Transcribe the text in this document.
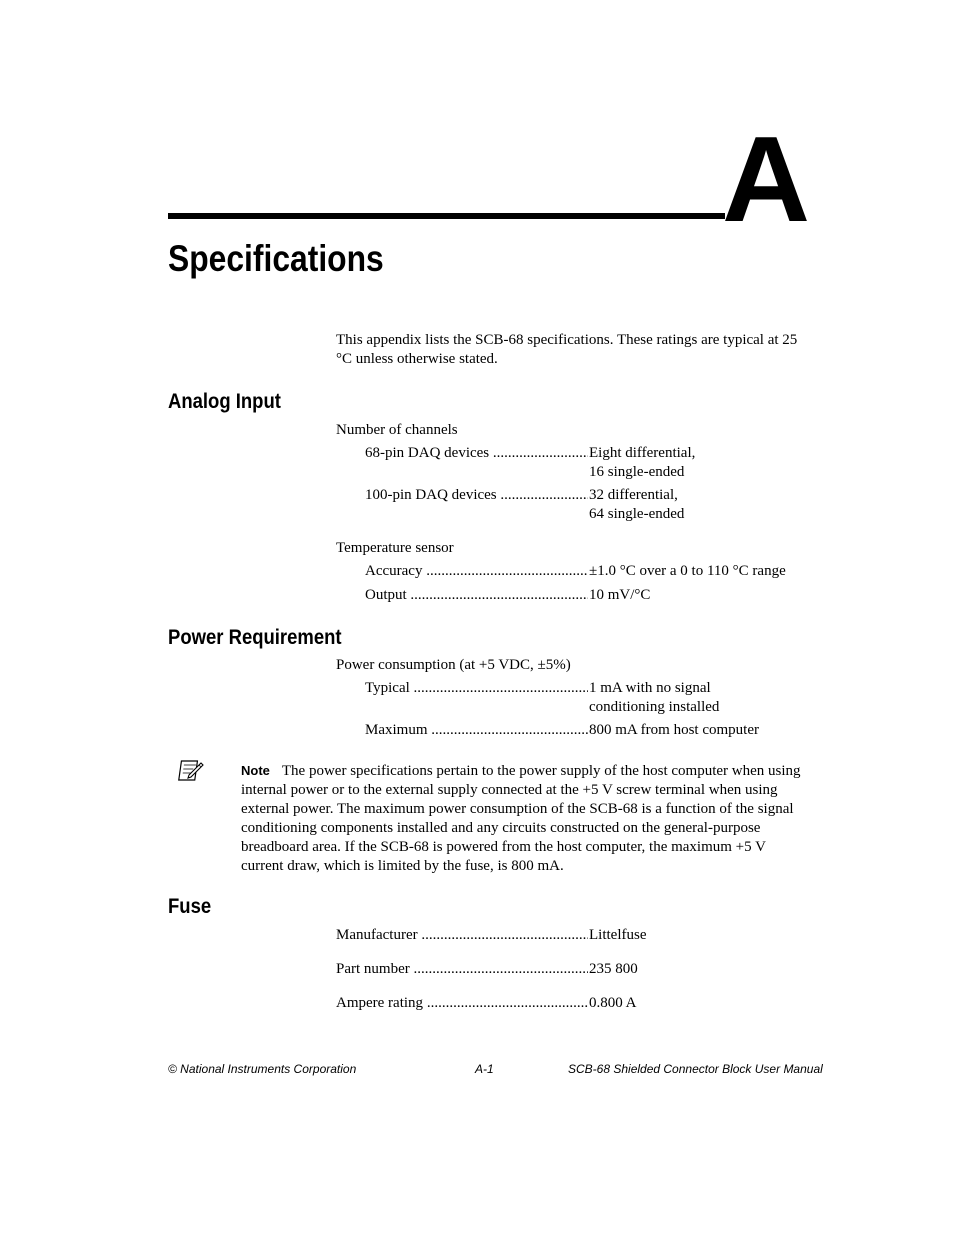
A
Specifications
This appendix lists the SCB-68 specifications. These ratings are typical at 25 °C unless otherwise stated.
Analog Input
Number of channels
68-pin DAQ devices .....	Eight differential,
16 single-ended
100-pin DAQ devices .....	32 differential,
64 single-ended
Temperature sensor
Accuracy .....	±1.0 °C over a 0 to 110 °C range
Output .....	10 mV/°C
Power Requirement
Power consumption (at +5 VDC, ±5%)
Typical .....	1 mA with no signal
conditioning installed
Maximum .....	800 mA from host computer
Note The power specifications pertain to the power supply of the host computer when using internal power or to the external supply connected at the +5 V screw terminal when using external power. The maximum power consumption of the SCB-68 is a function of the signal conditioning components installed and any circuits constructed on the general-purpose breadboard area. If the SCB-68 is powered from the host computer, the maximum +5 V current draw, which is limited by the fuse, is 800 mA.
Fuse
Manufacturer .....	Littelfuse
Part number .....	235 800
Ampere rating .....	0.800 A
© National Instruments Corporation	A-1	SCB-68 Shielded Connector Block User Manual
